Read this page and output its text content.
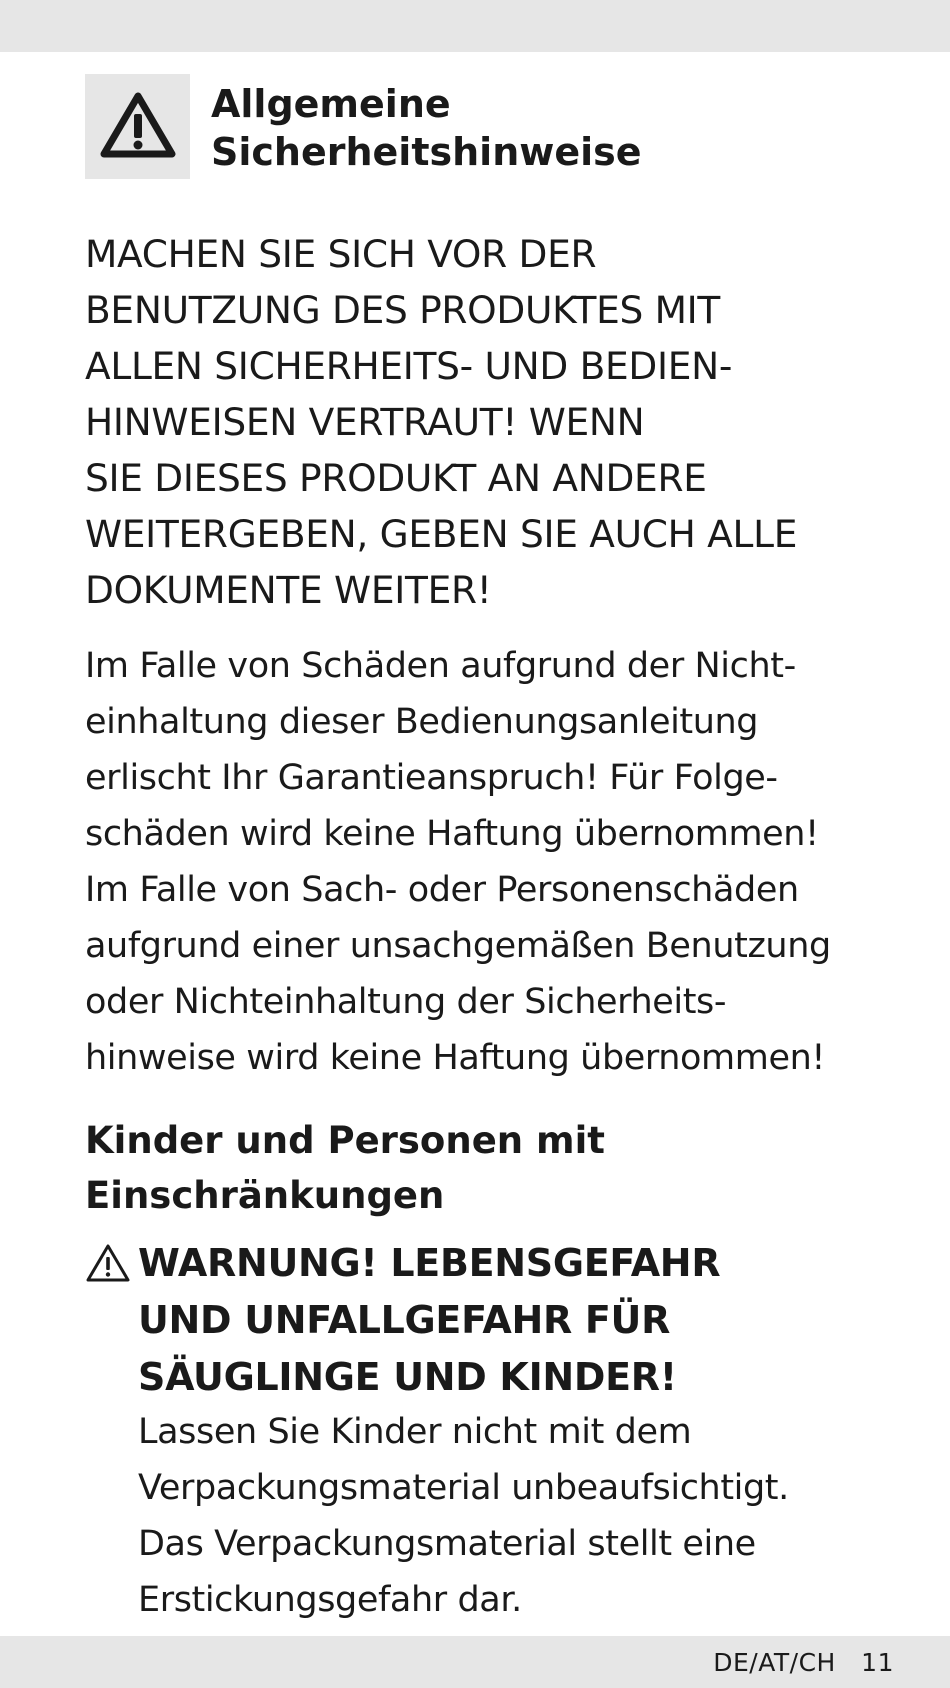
Allgemeine
Sicherheitshinweise

MACHEN SIE SICH VOR DER
BENUTZUNG DES PRODUKTES MIT
ALLEN SICHERHEITS- UND BEDIEN-
HINWEISEN VERTRAUT! WENN
SIE DIESES PRODUKT AN ANDERE
WEITERGEBEN, GEBEN SIE AUCH ALLE
DOKUMENTE WEITER!

Im Falle von Schäden aufgrund der Nicht-
einhaltung dieser Bedienungsanleitung
erlischt Ihr Garantieanspruch! Für Folge-
schäden wird keine Haftung übernommen!
Im Falle von Sach- oder Personenschäden
aufgrund einer unsachgemäßen Benutzung
oder Nichteinhaltung der Sicherheits-
hinweise wird keine Haftung übernommen!

Kinder und Personen mit
Einschränkungen

WARNUNG! LEBENSGEFAHR
UND UNFALLGEFAHR FÜR
SÄUGLINGE UND KINDER!

Lassen Sie Kinder nicht mit dem
Verpackungsmaterial unbeaufsichtigt.
Das Verpackungsmaterial stellt eine
Erstickungsgefahr dar.

DE/AT/CH   11
